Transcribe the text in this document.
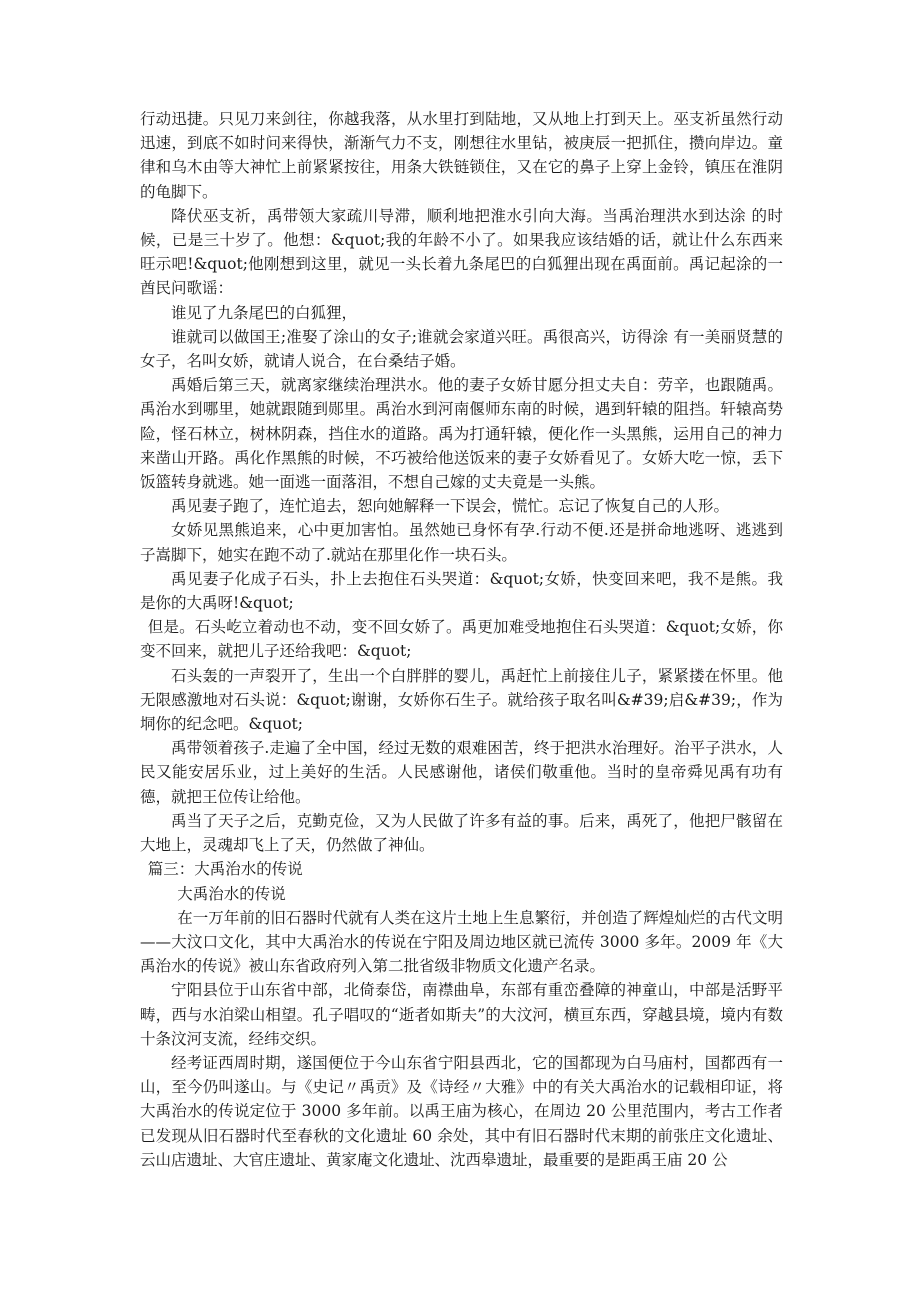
行动迅捷。只见刀来剑往，你越我落，从水里打到陆地，又从地上打到天上。巫支祈虽然行动迅速，到底不如时问来得快，渐渐气力不支，刚想往水里钻，被庚辰一把抓住，攒向岸边。童律和乌木由等大神忙上前紧紧按往，用条大铁链锁住，又在它的鼻子上穿上金铃，镇压在淮阴的龟脚下。

降伏巫支祈，禹带领大家疏川导滞，顺利地把淮水引向大海。当禹治理洪水到达涂 的时候，已是三十岁了。他想：&quot;我的年龄不小了。如果我应该结婚的话，就让什么东西来旺示吧!&quot;他刚想到这里，就见一头长着九条尾巴的白狐狸出现在禹面前。禹记起涂的一酋民问歌谣：

谁见了九条尾巴的白狐狸，

谁就司以做国王;准娶了涂山的女子;谁就会家道兴旺。禹很高兴，访得涂 有一美丽贤慧的女子，名叫女娇，就请人说合，在台桑结子婚。

禹婚后第三天，就离家继续治理洪水。他的妻子女娇甘愿分担丈夫自：劳辛，也跟随禹。禹治水到哪里，她就跟随到郧里。禹治水到河南偃师东南的时候，遇到轩辕的阻挡。轩辕高势险，怪石林立，树林阴森，挡住水的道路。禹为打通轩辕，便化作一头黑熊，运用自己的神力来凿山开路。禹化作黑熊的时候，不巧被给他送饭来的妻子女娇看见了。女娇大吃一惊，丢下饭篮转身就逃。她一面逃一面落泪，不想自己嫁的丈夫竟是一头熊。

禹见妻子跑了，连忙追去，恕向她解释一下误会，慌忙。忘记了恢复自己的人形。

女娇见黑熊追来，心中更加害怕。虽然她已身怀有孕.行动不便.还是拼命地逃呀、逃逃到子嵩脚下，她实在跑不动了.就站在那里化作一块石头。

禹见妻子化成子石头，扑上去抱住石头哭道：&quot;女娇，快变回来吧，我不是熊。我是你的大禹呀!&quot;

但是。石头屹立着动也不动，变不回女娇了。禹更加难受地抱住石头哭道：&quot;女娇，你变不回来，就把儿子还给我吧：&quot;

石头轰的一声裂开了，生出一个白胖胖的婴儿，禹赶忙上前接住儿子，紧紧搂在怀里。他无限感激地对石头说：&quot;谢谢，女娇你石生子。就给孩子取名叫&#39;启&#39;，作为垌你的纪念吧。&quot;

禹带领着孩子.走遍了全中国，经过无数的艰难困苦，终于把洪水治理好。治平子洪水，人民又能安居乐业，过上美好的生活。人民感谢他，诸侯们敬重他。当时的皇帝舜见禹有功有德，就把王位传让给他。

禹当了天子之后，克勤克俭，又为人民做了许多有益的事。后来，禹死了，他把尸骸留在大地上，灵魂却飞上了天，仍然做了神仙。

篇三：大禹治水的传说

大禹治水的传说

在一万年前的旧石器时代就有人类在这片土地上生息繁衍，并创造了辉煌灿烂的古代文明——大汶口文化，其中大禹治水的传说在宁阳及周边地区就已流传 3000 多年。2009 年《大禹治水的传说》被山东省政府列入第二批省级非物质文化遗产名录。

宁阳县位于山东省中部，北倚泰岱，南襟曲阜，东部有重峦叠障的神童山，中部是活野平畴，西与水泊梁山相望。孔子唱叹的“逝者如斯夫”的大汶河，横亘东西，穿越县境，境内有数十条汶河支流，经纬交织。

经考证西周时期，遂国便位于今山东省宁阳县西北，它的国都现为白马庙村，国都西有一山，至今仍叫遂山。与《史记〃禹贡》及《诗经〃大雅》中的有关大禹治水的记载相印证，将大禹治水的传说定位于 3000 多年前。以禹王庙为核心，在周边 20 公里范围内，考古工作者已发现从旧石器时代至春秋的文化遗址 60 余处，其中有旧石器时代末期的前张庄文化遗址、云山店遗址、大官庄遗址、黄家庵文化遗址、沈西皋遗址，最重要的是距禹王庙 20 公
